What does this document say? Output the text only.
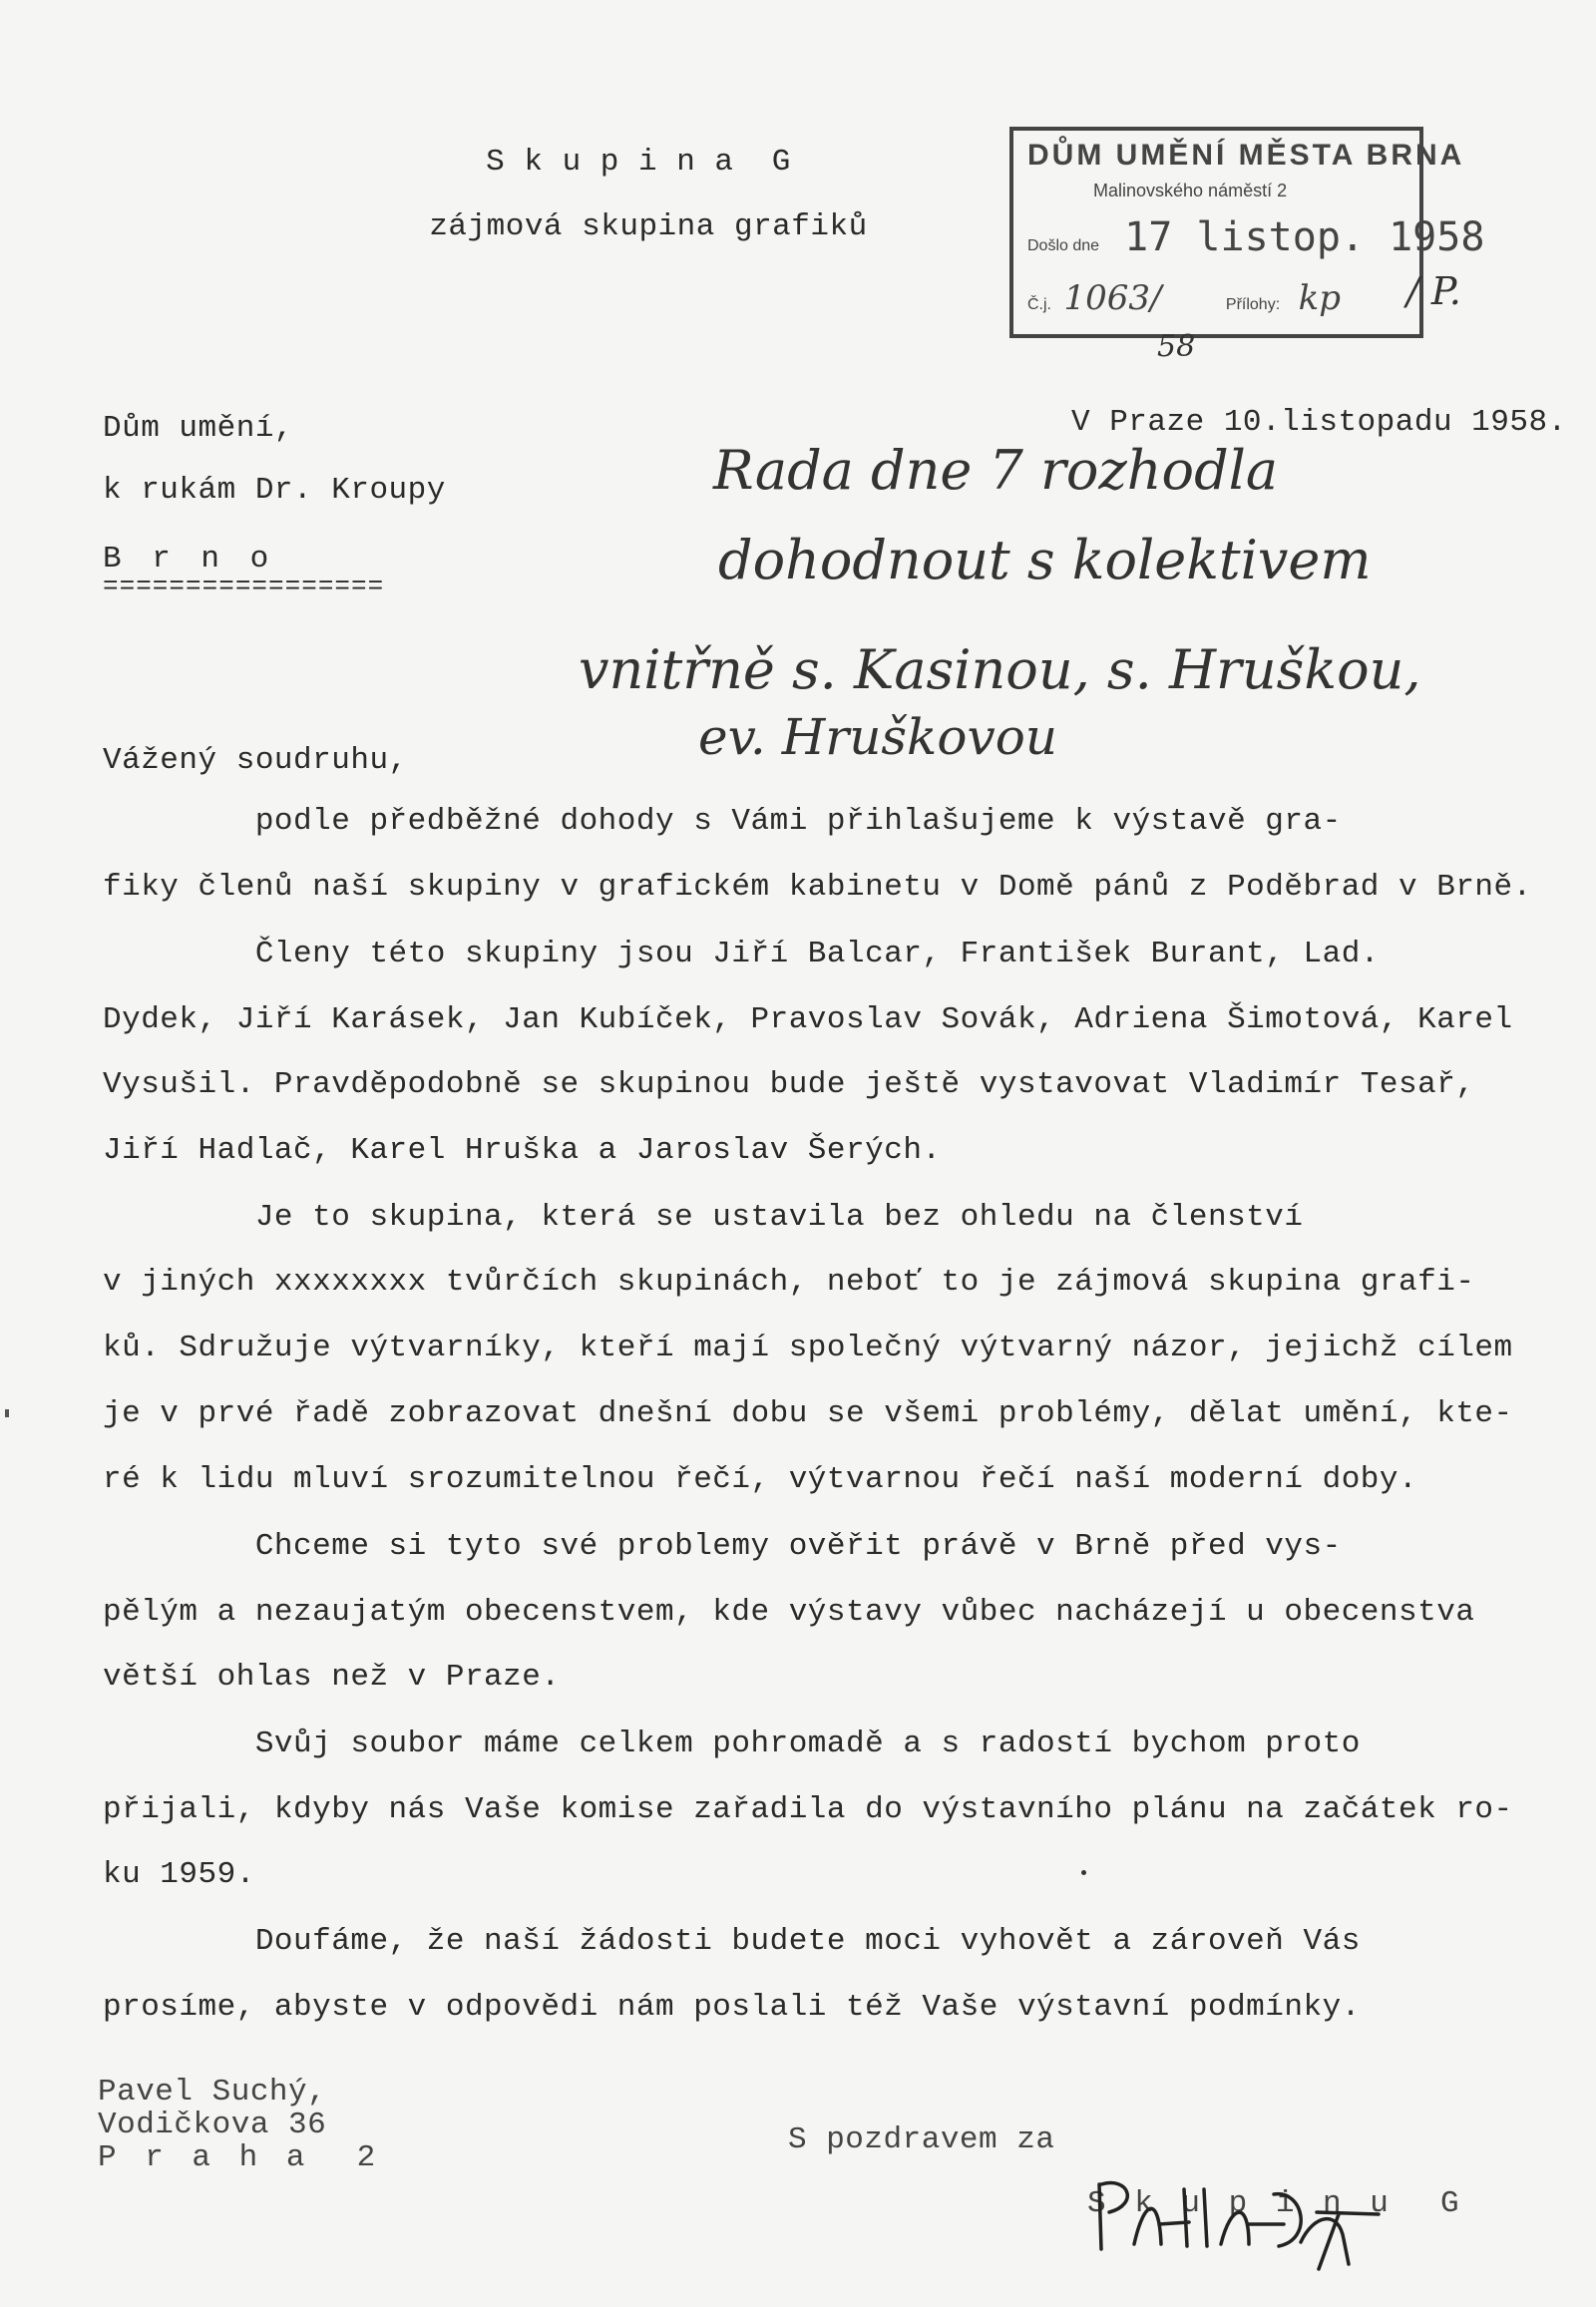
S k u p i n a  G
zájmová skupina grafiků
DŮM UMĚNÍ MĚSTA BRNA
Malinovského náměstí 2
Došlo dne 17 listop. 1958
Č.j. 1063/	Přílohy: kp / P.
58
Dům umění,
k rukám Dr. Kroupy
B r n o
=================
V Praze 10.listopadu 1958.
Rada dne 7 rozhodla
dohodnout s kolektivem
vnitřně s. Kasinou, s. Hruškou,
ev. Hruškovou
Vážený soudruhu,
podle předběžné dohody s Vámi přihlašujeme k výstavě gra-
fiky členů naší skupiny v grafickém kabinetu v Domě pánů z Poděbrad v Brně.
Členy této skupiny jsou Jiří Balcar, František Burant, Lad.
Dydek, Jiří Karásek, Jan Kubíček, Pravoslav Sovák, Adriena Šimotová, Karel
Vysušil. Pravděpodobně se skupinou bude ještě vystavovat Vladimír Tesař,
Jiří Hadlač, Karel Hruška a Jaroslav Šerých.
Je to skupina, která se ustavila bez ohledu na členství
v jiných xxxxxxxx tvůrčích skupinách, neboť to je zájmová skupina grafi-
ků. Sdružuje výtvarníky, kteří mají společný výtvarný názor, jejichž cílem
je v prvé řadě zobrazovat dnešní dobu se všemi problémy, dělat umění, kte-
ré k lidu mluví srozumitelnou řečí, výtvarnou řečí naší moderní doby.
Chceme si tyto své problemy ověřit právě v Brně před vys-
pělým a nezaujatým obecenstvem, kde výstavy vůbec nacházejí u obecenstva
větší ohlas než v Praze.
Svůj soubor máme celkem pohromadě a s radostí bychom proto
přijali, kdyby nás Vaše komise zařadila do výstavního plánu na začátek ro-
ku 1959.
Doufáme, že naší žádosti budete moci vyhovět a zároveň Vás
prosíme, abyste v odpovědi nám poslali též Vaše výstavní podmínky.
Pavel Suchý,
Vodičkova 36
P r a h a  2
S pozdravem za
S k u p i n u  G
